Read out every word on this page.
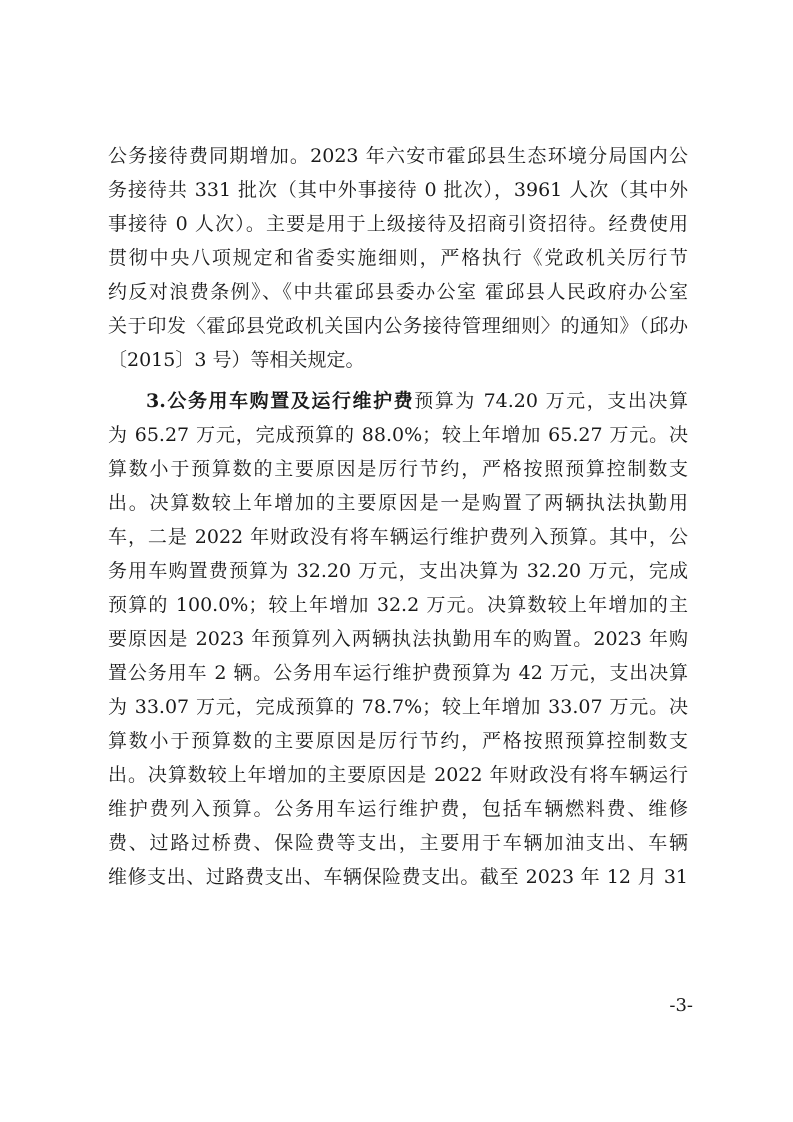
公务接待费同期增加。2023 年六安市霍邱县生态环境分局国内公
务接待共 331 批次（其中外事接待 0 批次），3961 人次（其中外
事接待 0 人次）。主要是用于上级接待及招商引资招待。经费使用
贯彻中央八项规定和省委实施细则，严格执行《党政机关厉行节
约反对浪费条例》、《中共霍邱县委办公室 霍邱县人民政府办公室
关于印发〈霍邱县党政机关国内公务接待管理细则〉的通知》（邱办
〔2015〕3 号）等相关规定。
3.公务用车购置及运行维护费预算为 74.20 万元，支出决算
为 65.27 万元，完成预算的 88.0%；较上年增加 65.27 万元。决
算数小于预算数的主要原因是厉行节约，严格按照预算控制数支
出。决算数较上年增加的主要原因是一是购置了两辆执法执勤用
车，二是 2022 年财政没有将车辆运行维护费列入预算。其中，公
务用车购置费预算为 32.20 万元，支出决算为 32.20 万元，完成
预算的 100.0%；较上年增加 32.2 万元。决算数较上年增加的主
要原因是 2023 年预算列入两辆执法执勤用车的购置。2023 年购
置公务用车 2 辆。公务用车运行维护费预算为 42 万元，支出决算
为 33.07 万元，完成预算的 78.7%；较上年增加 33.07 万元。决
算数小于预算数的主要原因是厉行节约，严格按照预算控制数支
出。决算数较上年增加的主要原因是 2022 年财政没有将车辆运行
维护费列入预算。公务用车运行维护费，包括车辆燃料费、维修
费、过路过桥费、保险费等支出，主要用于车辆加油支出、车辆
维修支出、过路费支出、车辆保险费支出。截至 2023 年 12 月 31
-3-
